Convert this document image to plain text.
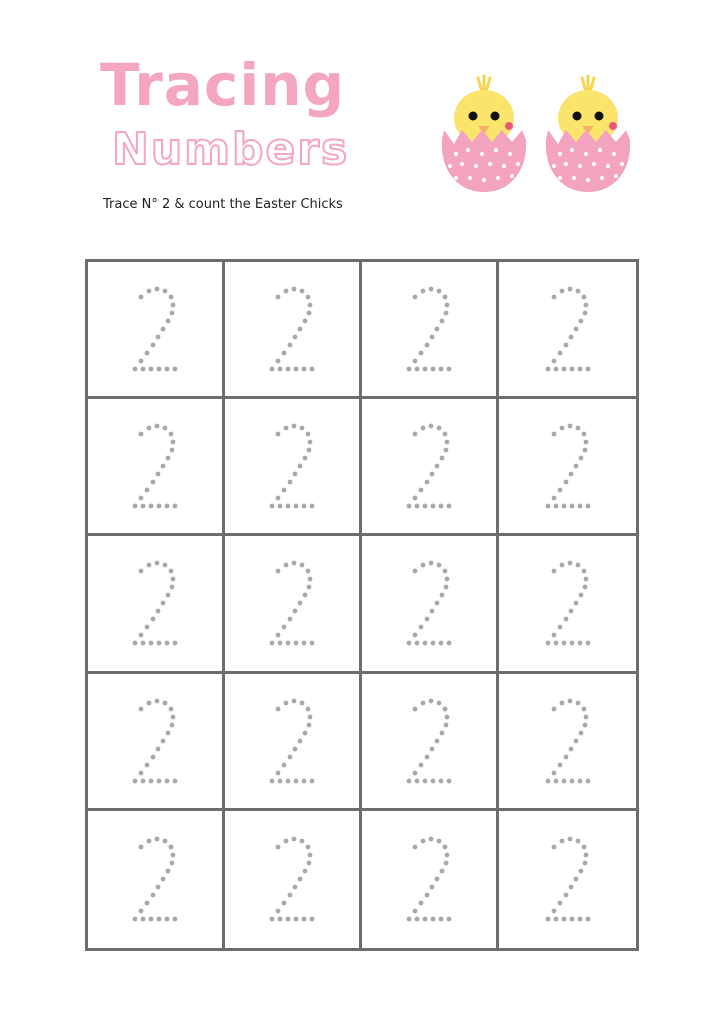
Tracing
Numbers
Trace N° 2 & count the Easter Chicks
